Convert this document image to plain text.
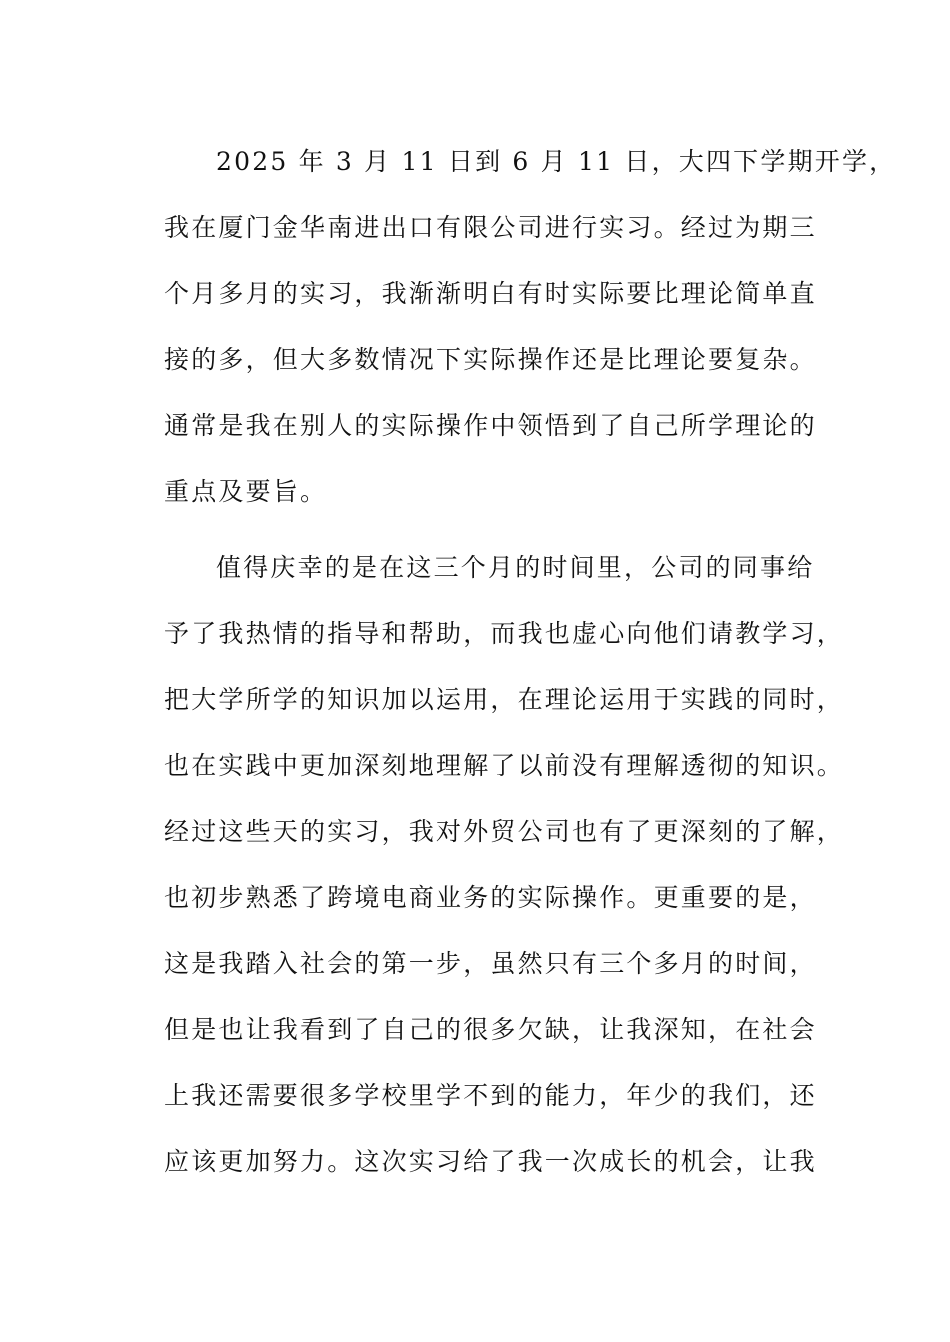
2025 年 3 月 11 日到 6 月 11 日，大四下学期开学，
我在厦门金华南进出口有限公司进行实习。经过为期三
个月多月的实习，我渐渐明白有时实际要比理论简单直
接的多，但大多数情况下实际操作还是比理论要复杂。
通常是我在别人的实际操作中领悟到了自己所学理论的
重点及要旨。
值得庆幸的是在这三个月的时间里，公司的同事给
予了我热情的指导和帮助，而我也虚心向他们请教学习，
把大学所学的知识加以运用，在理论运用于实践的同时，
也在实践中更加深刻地理解了以前没有理解透彻的知识。
经过这些天的实习，我对外贸公司也有了更深刻的了解，
也初步熟悉了跨境电商业务的实际操作。更重要的是，
这是我踏入社会的第一步，虽然只有三个多月的时间，
但是也让我看到了自己的很多欠缺，让我深知，在社会
上我还需要很多学校里学不到的能力，年少的我们，还
应该更加努力。这次实习给了我一次成长的机会，让我
